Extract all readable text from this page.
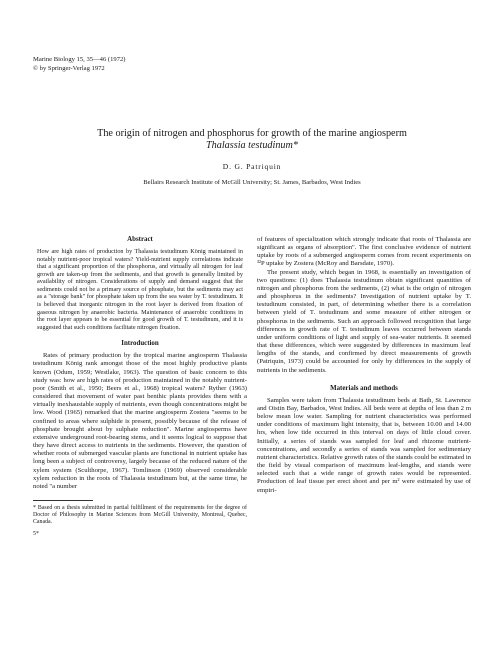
Marine Biology 15, 35—46 (1972)
© by Springer-Verlag 1972
The origin of nitrogen and phosphorus for growth of the marine angiosperm
Thalassia testudinum*
D. G. Patriquin
Bellairs Research Institute of McGill University; St. James, Barbados, West Indies
Abstract

How are high rates of production by Thalassia testudinum König maintained in notably nutrient-poor tropical waters? Yield-nutrient supply correlations indicate that a significant proportion of the phosphorus, and virtually all nitrogen for leaf growth are taken-up from the sediments, and that growth is generally limited by availability of nitrogen. Considerations of supply and demand suggest that the sediments could not be a primary source of phosphate, but the sediments may act as a "storage bank" for phosphate taken up from the sea water by T. testudinum. It is believed that inorganic nitrogen in the root layer is derived from fixation of gaseous nitrogen by anaerobic bacteria. Maintenance of anaerobic conditions in the root layer appears to be essential for good growth of T. testudinum, and it is suggested that such conditions facilitate nitrogen fixation.

Introduction

Rates of primary production by the tropical marine angiosperm Thalassia testudinum König rank amongst those of the most highly productive plants known (Odum, 1959; Westlake, 1963). The question of basic concern to this study was: how are high rates of production maintained in the notably nutrient-poor (Smith et al., 1950; Beers et al., 1968) tropical waters? Ryther (1963) considered that movement of water past benthic plants provides them with a virtually inexhaustable supply of nutrients, even though concentrations might be low. Wood (1965) remarked that the marine angiosperm Zostera "seems to be confined to areas where sulphide is present, possibly because of the release of phosphate brought about by sulphate reduction". Marine angiosperms have extensive underground root-bearing stems, and it seems logical to suppose that they have direct access to nutrients in the sediments. However, the question of whether roots of submerged vascular plants are functional in nutrient uptake has long been a subject of controversy, largely because of the reduced nature of the xylem system (Sculthorpe, 1967). Tomlinson (1969) observed considerable xylem reduction in the roots of Thalassia testudinum but, at the same time, he noted "a number

* Based on a thesis submitted in partial fulfillment of the requirements for the degree of Doctor of Philosophy in Marine Sciences from McGill University, Montreal, Quebec, Canada.

5*

of features of specialization which strongly indicate that roots of Thalassia are significant as organs of absorption". The first conclusive evidence of nutrient uptake by roots of a submerged angiosperm comes from recent experiments on ³²P uptake by Zostera (McRoy and Barsdate, 1970).

The present study, which began in 1968, is essentially an investigation of two questions: (1) does Thalassia testudinum obtain significant quantities of nitrogen and phosphorus from the sediments, (2) what is the origin of nitrogen and phosphorus in the sediments? Investigation of nutrient uptake by T. testudinum consisted, in part, of determining whether there is a correlation between yield of T. testudinum and some measure of either nitrogen or phosphorus in the sediments. Such an approach followed recognition that large differences in growth rate of T. testudinum leaves occurred between stands under uniform conditions of light and supply of sea-water nutrients. It seemed that these differences, which were suggested by differences in maximum leaf lengths of the stands, and confirmed by direct measurements of growth (Patriquin, 1973) could be accounted for only by differences in the supply of nutrients in the sediments.

Materials and methods

Samples were taken from Thalassia testudinum beds at Bath, St. Lawrence and Oistin Bay, Barbados, West Indies. All beds were at depths of less than 2 m below mean low water. Sampling for nutrient characteristics was performed under conditions of maximum light intensity, that is, between 10.00 and 14.00 hrs, when low tide occurred in this interval on days of little cloud cover. Initially, a series of stands was sampled for leaf and rhizome nutrient-concentrations, and secondly a series of stands was sampled for sedimentary nutrient characteristics. Relative growth rates of the stands could be estimated in the field by visual comparison of maximum leaf-lengths, and stands were selected such that a wide range of growth rates would be represented. Production of leaf tissue per erect shoot and per m² were estimated by use of empiri-
